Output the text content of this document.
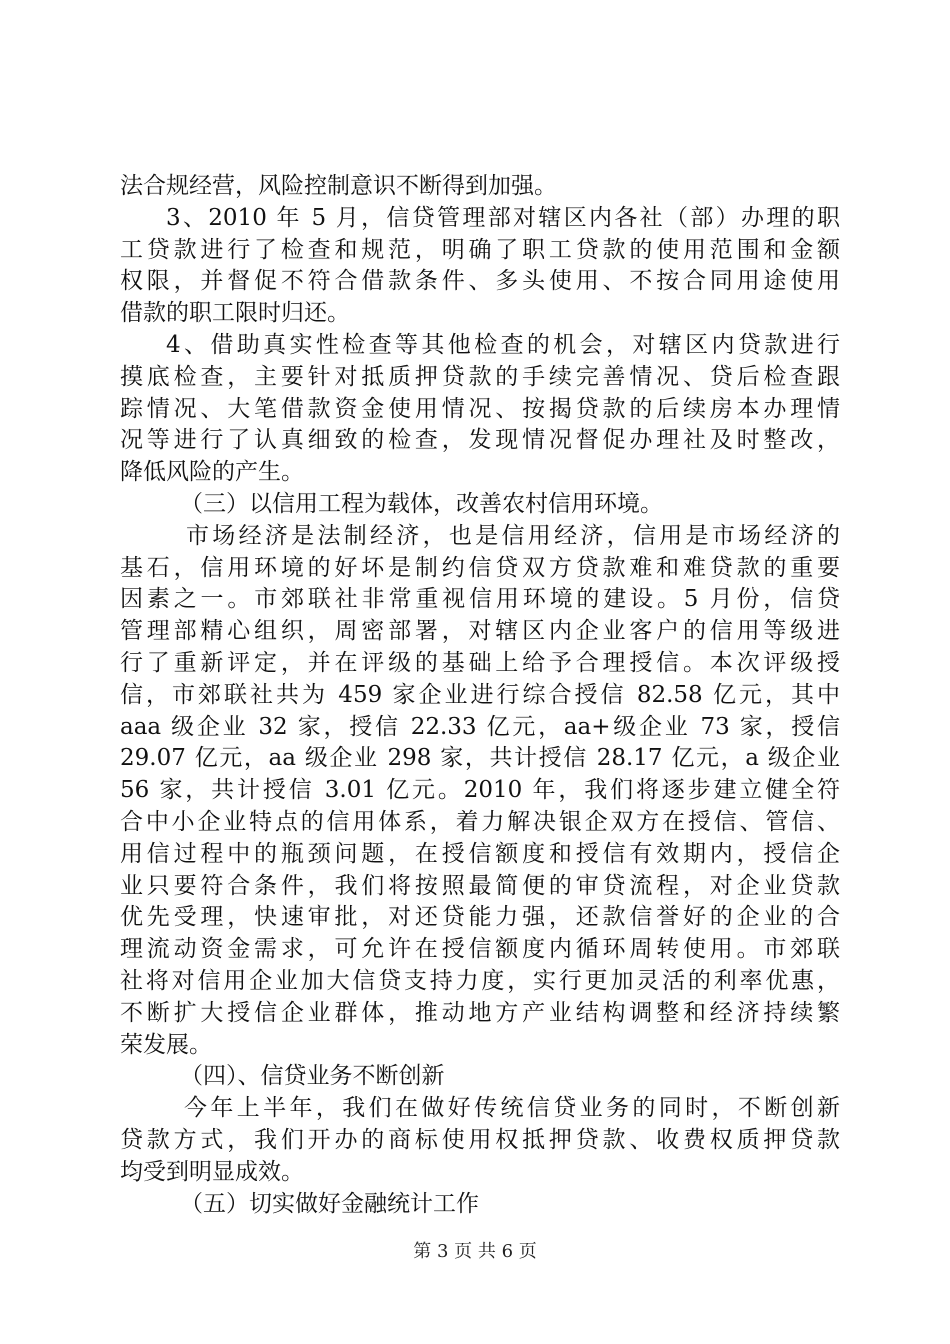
法合规经营，风险控制意识不断得到加强。
3、2010 年 5 月，信贷管理部对辖区内各社（部）办理的职
工贷款进行了检查和规范，明确了职工贷款的使用范围和金额
权限，并督促不符合借款条件、多头使用、不按合同用途使用
借款的职工限时归还。
4、借助真实性检查等其他检查的机会，对辖区内贷款进行
摸底检查，主要针对抵质押贷款的手续完善情况、贷后检查跟
踪情况、大笔借款资金使用情况、按揭贷款的后续房本办理情
况等进行了认真细致的检查，发现情况督促办理社及时整改，
降低风险的产生。
（三）以信用工程为载体，改善农村信用环境。
市场经济是法制经济，也是信用经济，信用是市场经济的
基石，信用环境的好坏是制约信贷双方贷款难和难贷款的重要
因素之一。市郊联社非常重视信用环境的建设。5 月份，信贷
管理部精心组织，周密部署，对辖区内企业客户的信用等级进
行了重新评定，并在评级的基础上给予合理授信。本次评级授
信，市郊联社共为 459 家企业进行综合授信 82.58 亿元，其中
aaa 级企业 32 家，授信 22.33 亿元，aa+级企业 73 家，授信
29.07 亿元，aa 级企业 298 家，共计授信 28.17 亿元，a 级企业
56 家，共计授信 3.01 亿元。2010 年，我们将逐步建立健全符
合中小企业特点的信用体系，着力解决银企双方在授信、管信、
用信过程中的瓶颈问题，在授信额度和授信有效期内，授信企
业只要符合条件，我们将按照最简便的审贷流程，对企业贷款
优先受理，快速审批，对还贷能力强，还款信誉好的企业的合
理流动资金需求，可允许在授信额度内循环周转使用。市郊联
社将对信用企业加大信贷支持力度，实行更加灵活的利率优惠，
不断扩大授信企业群体，推动地方产业结构调整和经济持续繁
荣发展。
（四）、信贷业务不断创新
今年上半年，我们在做好传统信贷业务的同时，不断创新
贷款方式，我们开办的商标使用权抵押贷款、收费权质押贷款
均受到明显成效。
（五）切实做好金融统计工作
第 3 页 共 6 页
